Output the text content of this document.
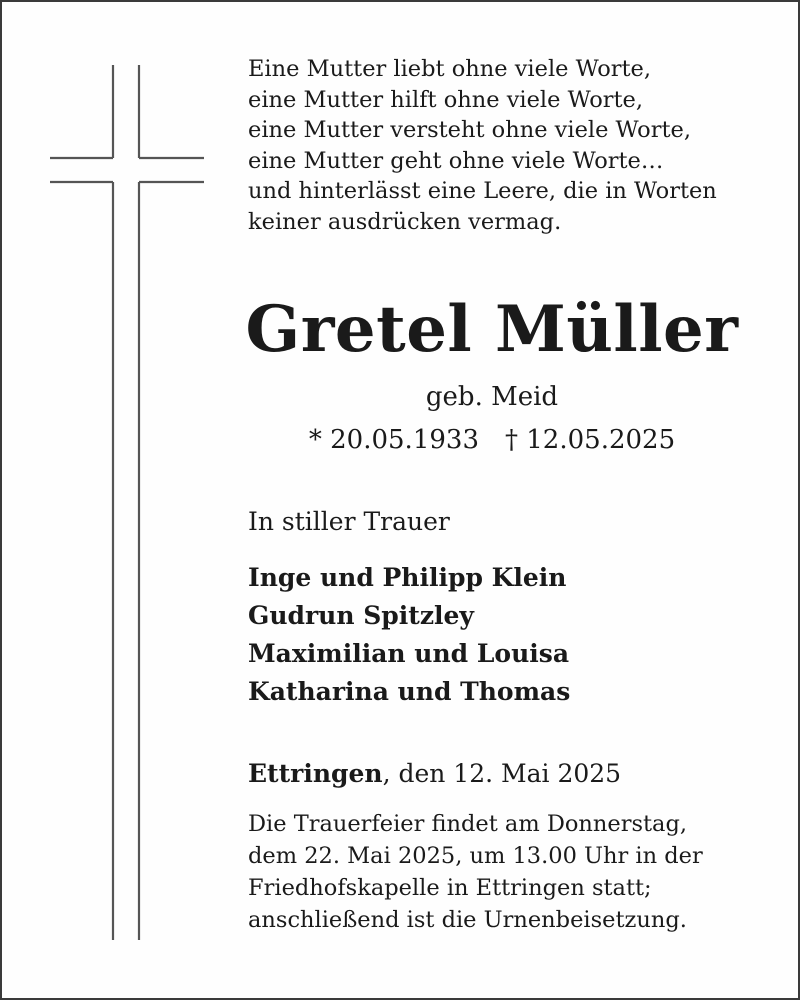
Eine Mutter liebt ohne viele Worte,
eine Mutter hilft ohne viele Worte,
eine Mutter versteht ohne viele Worte,
eine Mutter geht ohne viele Worte…
und hinterlässt eine Leere, die in Worten
keiner ausdrücken vermag.
Gretel Müller
geb. Meid
* 20.05.1933 † 12.05.2025
In stiller Trauer
Inge und Philipp Klein
Gudrun Spitzley
Maximilian und Louisa
Katharina und Thomas
Ettringen, den 12. Mai 2025
Die Trauerfeier findet am Donnerstag,
dem 22. Mai 2025, um 13.00 Uhr in der
Friedhofskapelle in Ettringen statt;
anschließend ist die Urnenbeisetzung.
